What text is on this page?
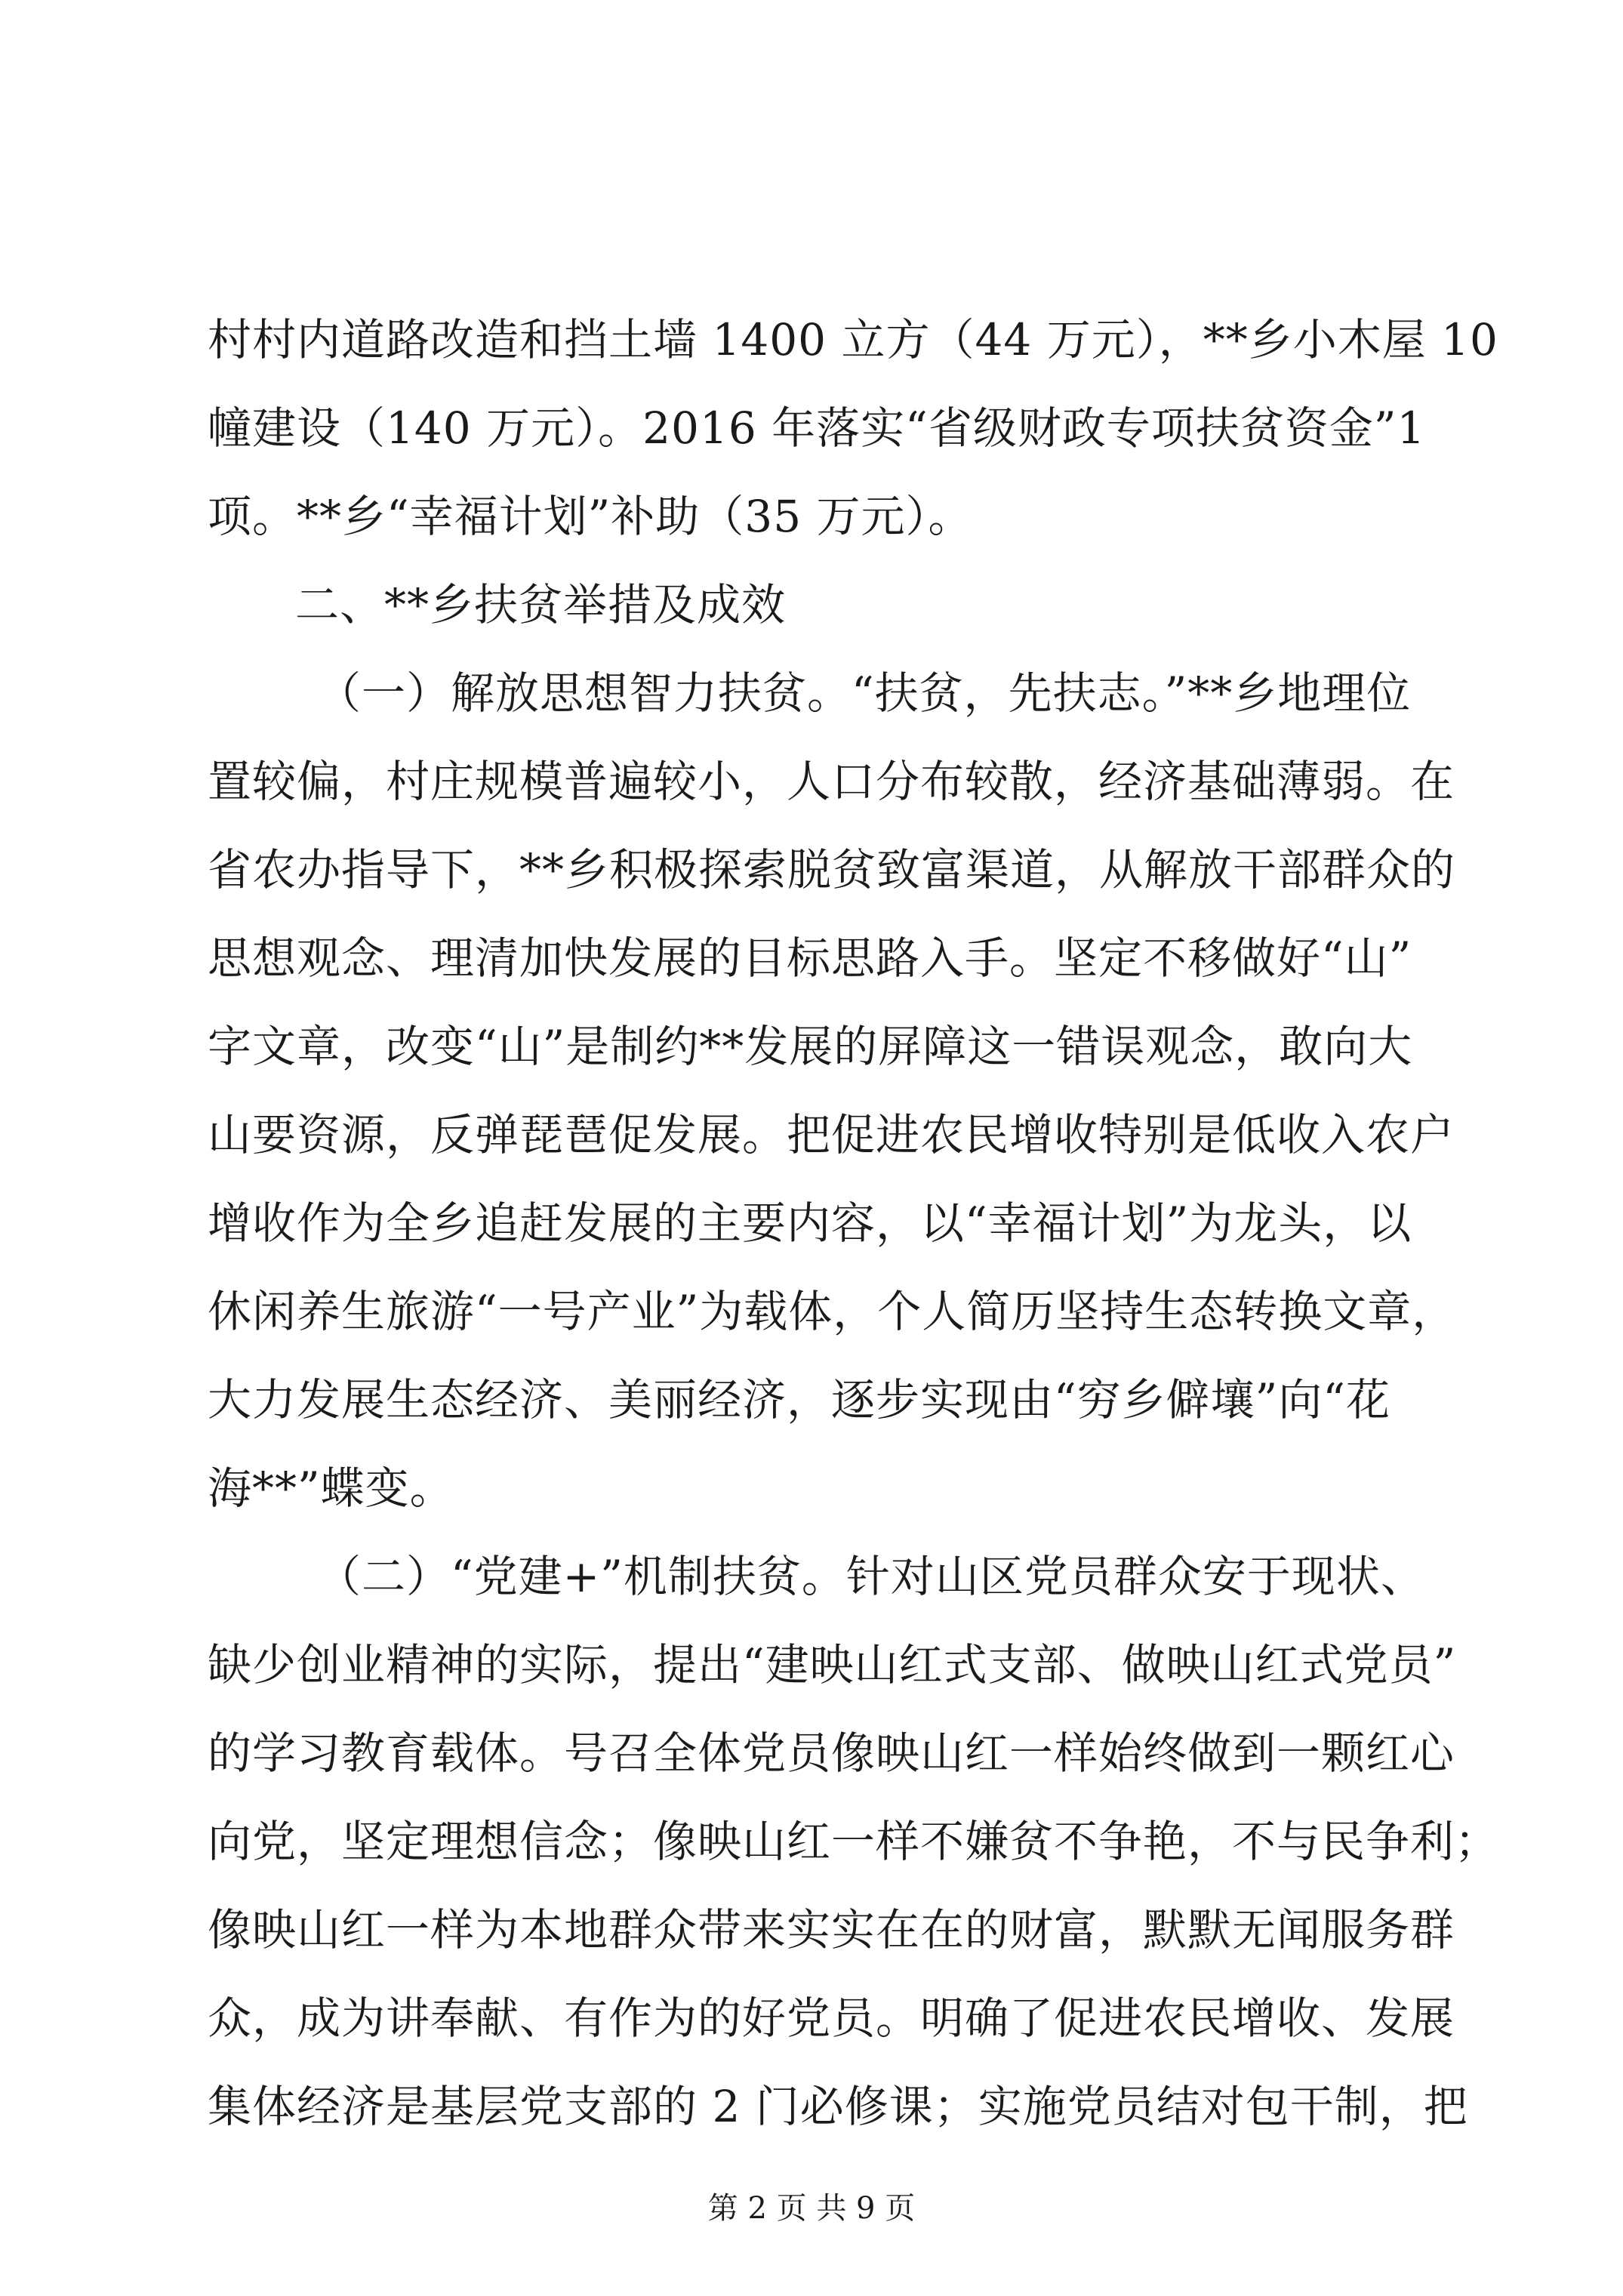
村村内道路改造和挡土墙 1400 立方（44 万元），**乡小木屋 10
幢建设（140 万元）。2016 年落实“省级财政专项扶贫资金”1
项。**乡“幸福计划”补助（35 万元）。
二、**乡扶贫举措及成效
（一）解放思想智力扶贫。“扶贫，先扶志。”**乡地理位
置较偏，村庄规模普遍较小，人口分布较散，经济基础薄弱。在
省农办指导下，**乡积极探索脱贫致富渠道，从解放干部群众的
思想观念、理清加快发展的目标思路入手。坚定不移做好“山”
字文章，改变“山”是制约**发展的屏障这一错误观念，敢向大
山要资源，反弹琵琶促发展。把促进农民增收特别是低收入农户
增收作为全乡追赶发展的主要内容，以“幸福计划”为龙头，以
休闲养生旅游“一号产业”为载体，个人简历坚持生态转换文章，
大力发展生态经济、美丽经济，逐步实现由“穷乡僻壤”向“花
海**”蝶变。
（二）“党建+”机制扶贫。针对山区党员群众安于现状、
缺少创业精神的实际，提出“建映山红式支部、做映山红式党员”
的学习教育载体。号召全体党员像映山红一样始终做到一颗红心
向党，坚定理想信念；像映山红一样不嫌贫不争艳，不与民争利；
像映山红一样为本地群众带来实实在在的财富，默默无闻服务群
众，成为讲奉献、有作为的好党员。明确了促进农民增收、发展
集体经济是基层党支部的 2 门必修课；实施党员结对包干制，把
第 2 页 共 9 页
